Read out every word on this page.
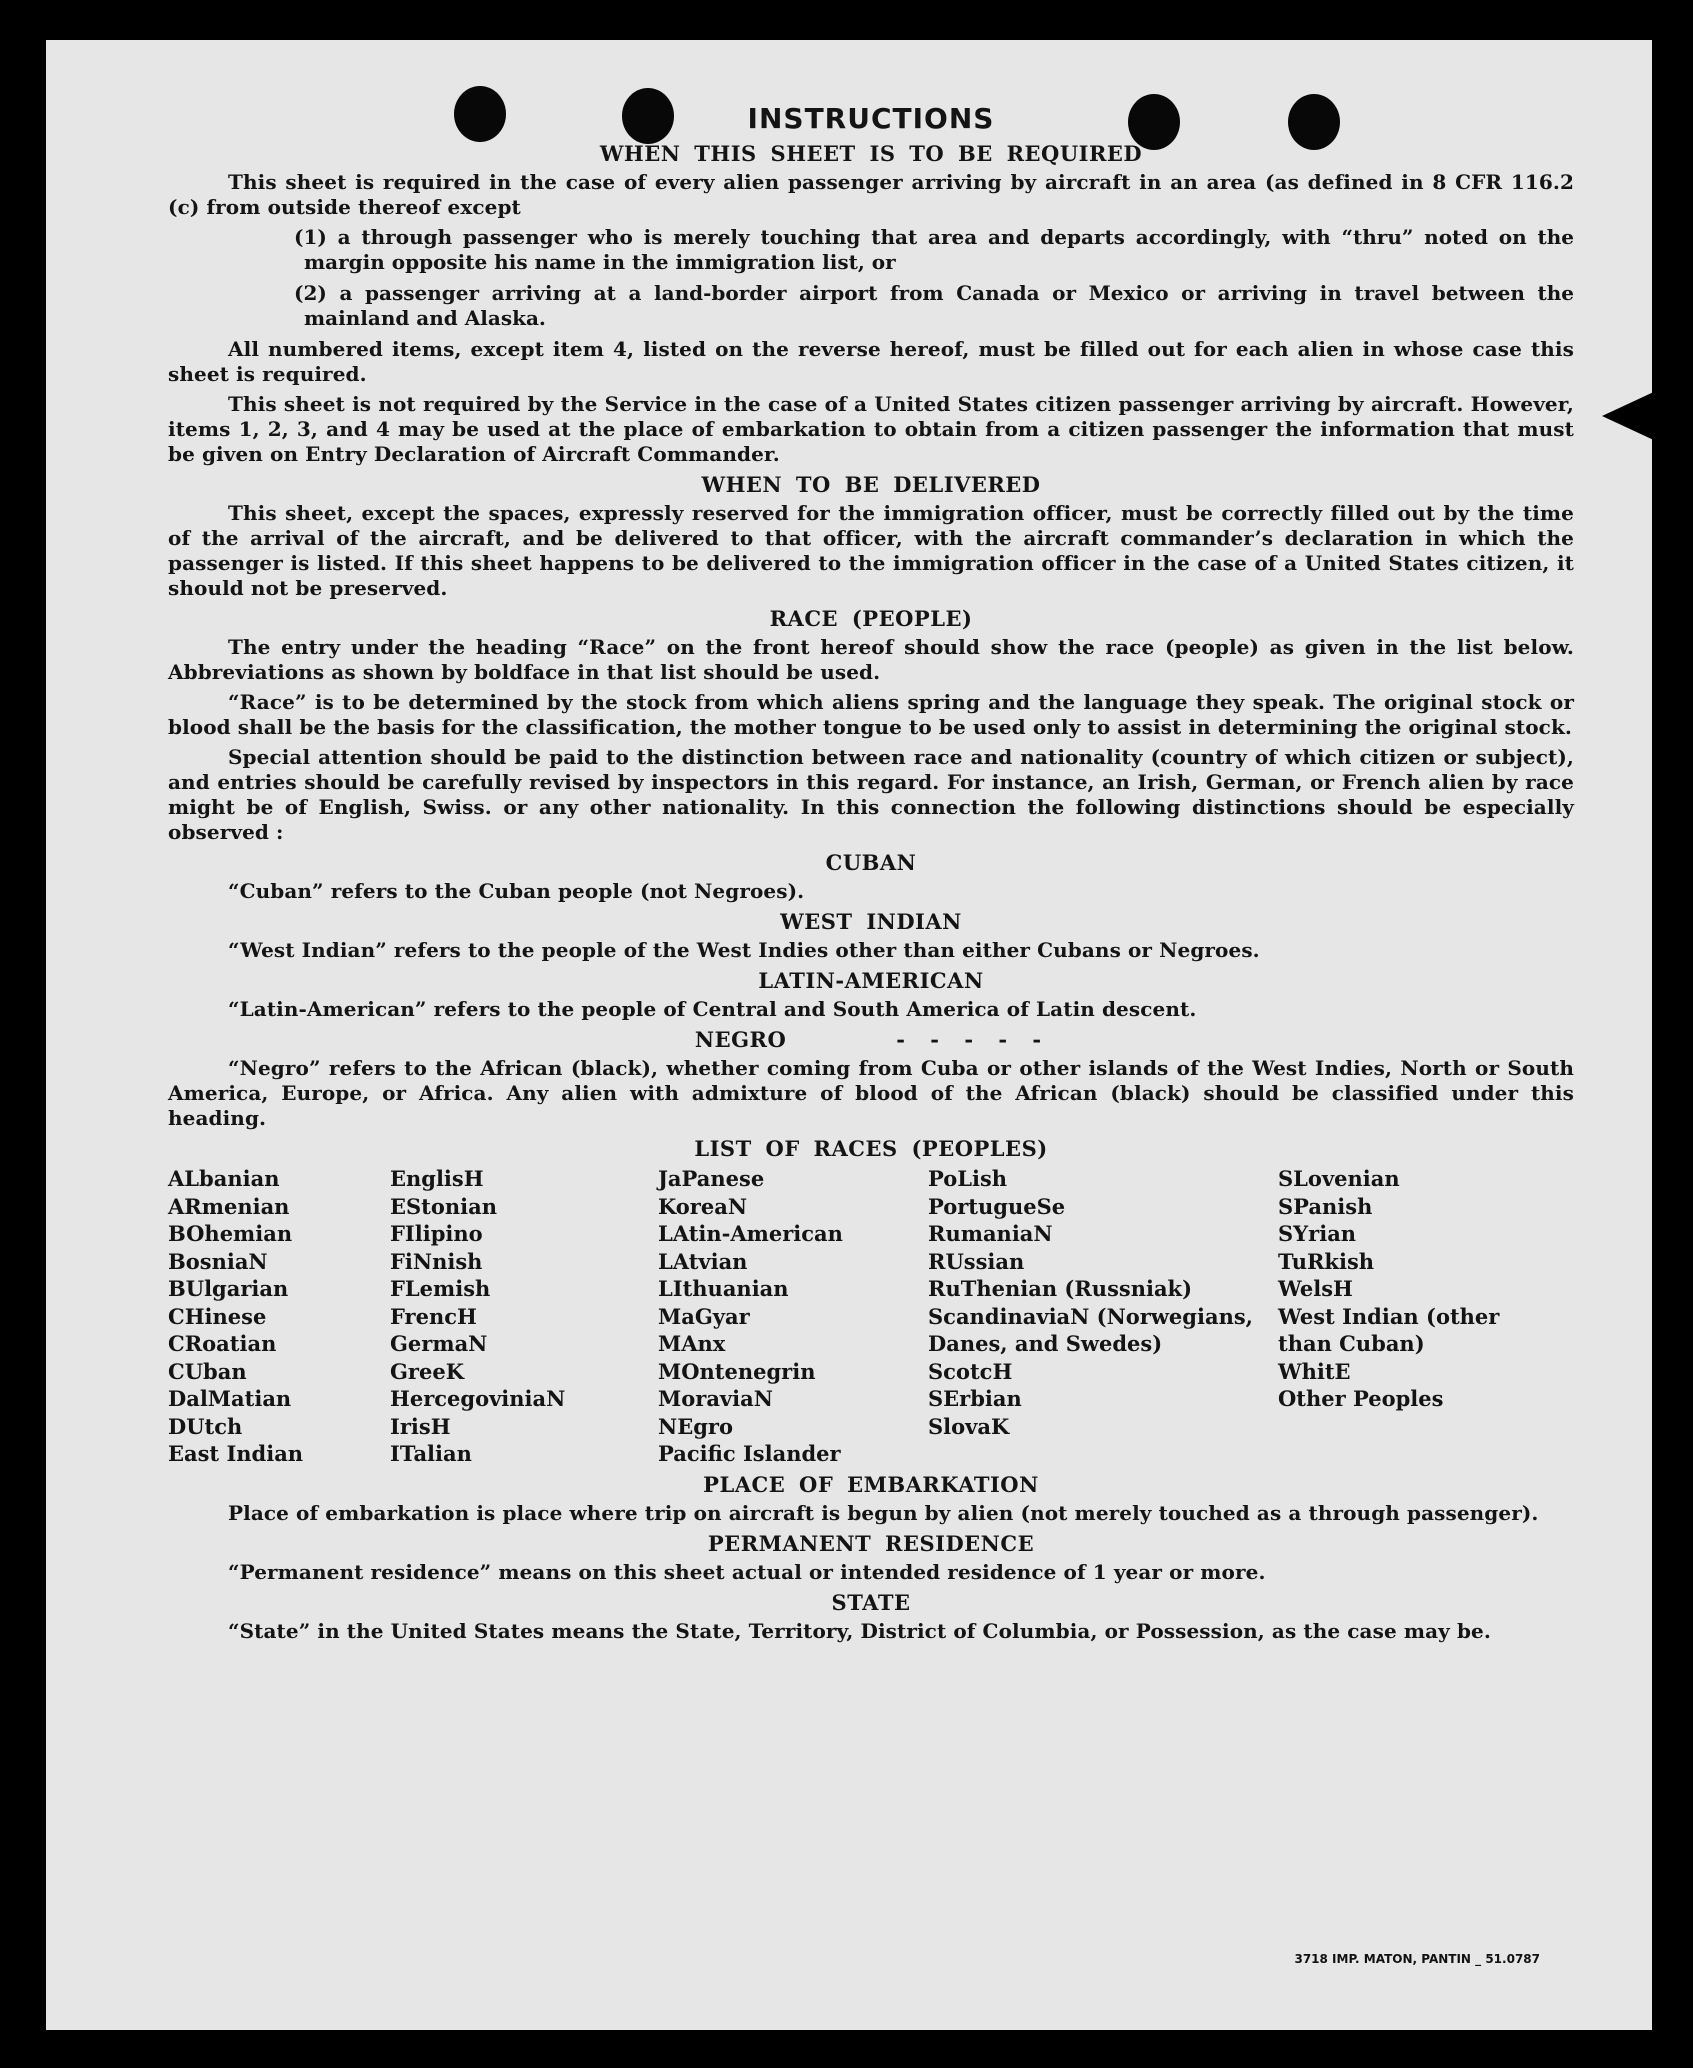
INSTRUCTIONS
WHEN THIS SHEET IS TO BE REQUIRED

This sheet is required in the case of every alien passenger arriving by aircraft in an area (as defined in 8 CFR 116.2 (c) from outside thereof except

(1) a through passenger who is merely touching that area and departs accordingly, with “thru” noted on the margin opposite his name in the immigration list, or
(2) a passenger arriving at a land-border airport from Canada or Mexico or arriving in travel between the mainland and Alaska.

All numbered items, except item 4, listed on the reverse hereof, must be filled out for each alien in whose case this sheet is required.

This sheet is not required by the Service in the case of a United States citizen passenger arriving by aircraft. However, items 1, 2, 3, and 4 may be used at the place of embarkation to obtain from a citizen passenger the information that must be given on Entry Declaration of Aircraft Commander.

WHEN TO BE DELIVERED

This sheet, except the spaces, expressly reserved for the immigration officer, must be correctly filled out by the time of the arrival of the aircraft, and be delivered to that officer, with the aircraft commander’s declaration in which the passenger is listed. If this sheet happens to be delivered to the immigration officer in the case of a United States citizen, it should not be preserved.

RACE (PEOPLE)

The entry under the heading “Race” on the front hereof should show the race (people) as given in the list below. Abbreviations as shown by boldface in that list should be used.

“Race” is to be determined by the stock from which aliens spring and the language they speak. The original stock or blood shall be the basis for the classification, the mother tongue to be used only to assist in determining the original stock.

Special attention should be paid to the distinction between race and nationality (country of which citizen or subject), and entries should be carefully revised by inspectors in this regard. For instance, an Irish, German, or French alien by race might be of English, Swiss. or any other nationality. In this connection the following distinctions should be especially observed :

CUBAN

“Cuban” refers to the Cuban people (not Negroes).

WEST INDIAN

“West Indian” refers to the people of the West Indies other than either Cubans or Negroes.

LATIN-AMERICAN

“Latin-American” refers to the people of Central and South America of Latin descent.

NEGRO	- - - - -

“Negro” refers to the African (black), whether coming from Cuba or other islands of the West Indies, North or South America, Europe, or Africa. Any alien with admixture of blood of the African (black) should be classified under this heading.

LIST OF RACES (PEOPLES)
ALbanian
ARmenian
BOhemian
BosniaN
BUlgarian
CHinese
CRoatian
CUban
DalMatian
DUtch
East Indian
EnglisH
EStonian
FIlipino
FiNnish
FLemish
FrencH
GermaN
GreeK
HercegoviniaN
IrisH
ITalian
JaPanese
KoreaN
LAtin-American
LAtvian
LIthuanian
MaGyar
MAnx
MOntenegrin
MoraviaN
NEgro
Pacific Islander
PoLish
PortugueSe
RumaniaN
RUssian
RuThenian (Russniak)
ScandinaviaN (Norwegians, Danes, and Swedes)
ScotcH
SErbian
SlovaK
SLovenian
SPanish
SYrian
TuRkish
WelsH
West Indian (other than Cuban)
WhitE
Other Peoples
PLACE OF EMBARKATION

Place of embarkation is place where trip on aircraft is begun by alien (not merely touched as a through passenger).

PERMANENT RESIDENCE

“Permanent residence” means on this sheet actual or intended residence of 1 year or more.

STATE

“State” in the United States means the State, Territory, District of Columbia, or Possession, as the case may be.

3718 IMP. MATON, PANTIN _ 51.0787
